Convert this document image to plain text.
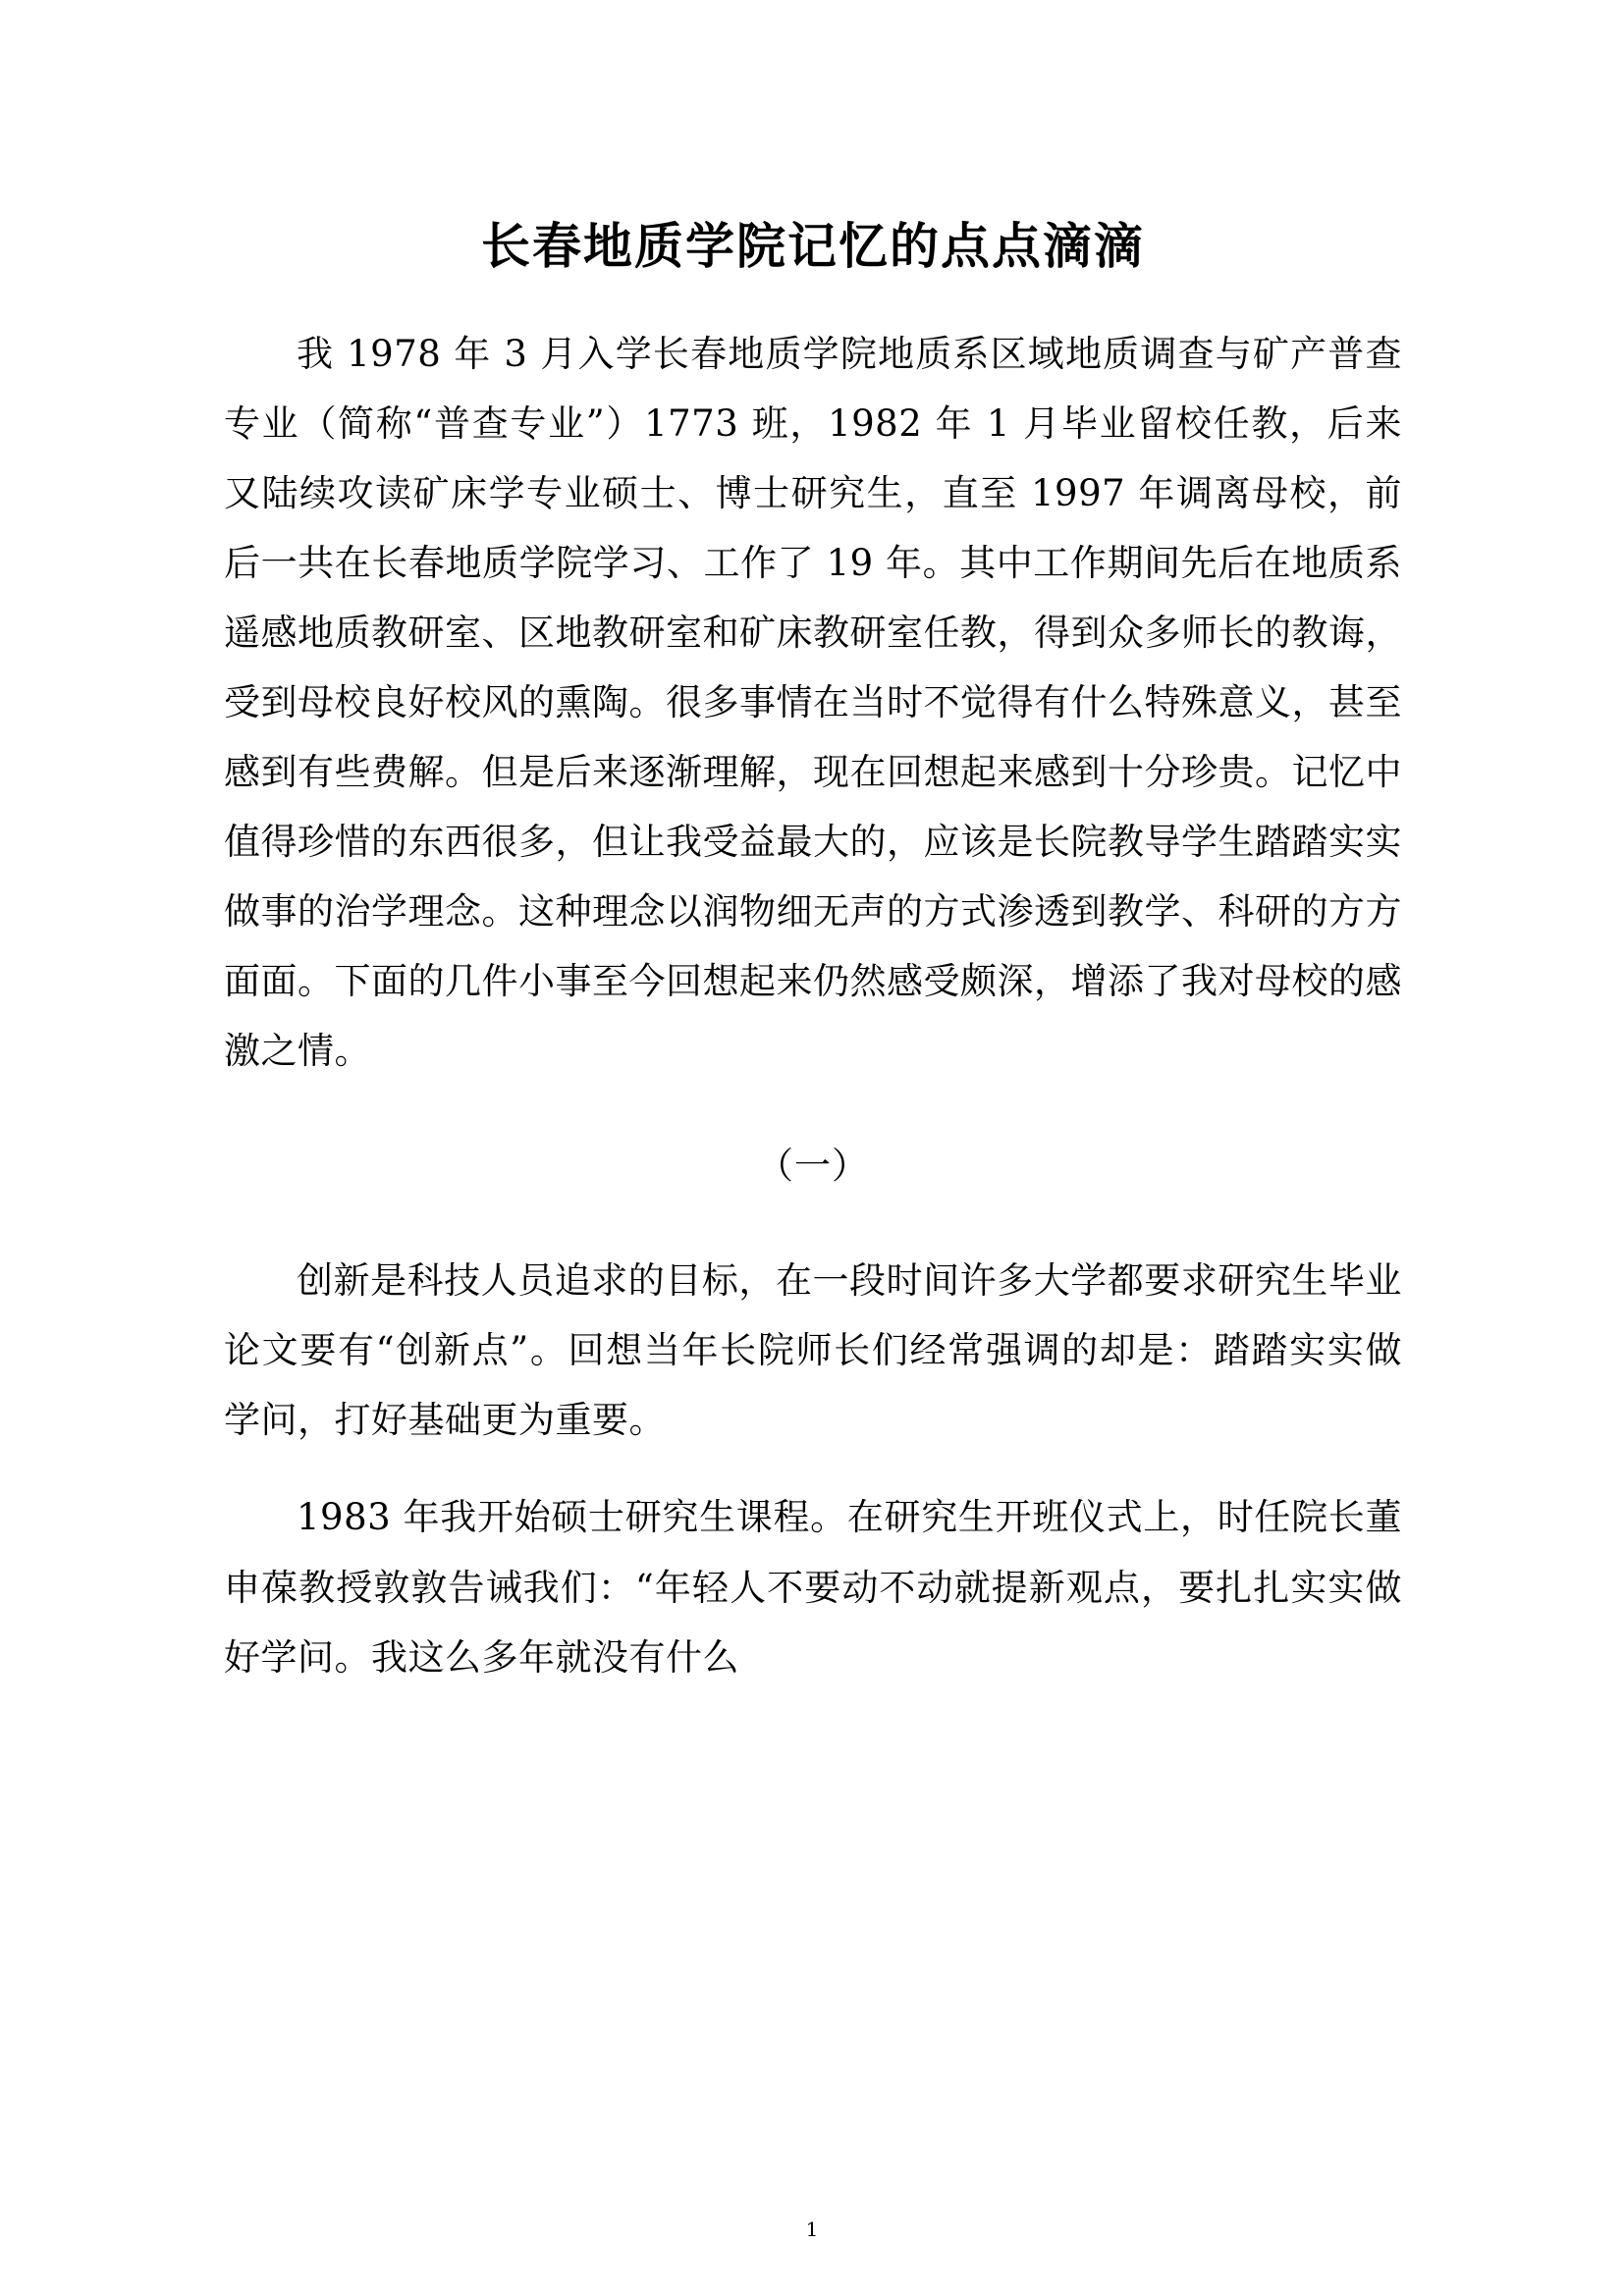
长春地质学院记忆的点点滴滴

我 1978 年 3 月入学长春地质学院地质系区域地质调查与矿产普查专业（简称“普查专业”）1773 班，1982 年 1 月毕业留校任教，后来又陆续攻读矿床学专业硕士、博士研究生，直至 1997 年调离母校，前后一共在长春地质学院学习、工作了 19 年。其中工作期间先后在地质系遥感地质教研室、区地教研室和矿床教研室任教，得到众多师长的教诲，受到母校良好校风的熏陶。很多事情在当时不觉得有什么特殊意义，甚至感到有些费解。但是后来逐渐理解，现在回想起来感到十分珍贵。记忆中值得珍惜的东西很多，但让我受益最大的，应该是长院教导学生踏踏实实做事的治学理念。这种理念以润物细无声的方式渗透到教学、科研的方方面面。下面的几件小事至今回想起来仍然感受颇深，增添了我对母校的感激之情。

（一）

创新是科技人员追求的目标，在一段时间许多大学都要求研究生毕业论文要有“创新点”。回想当年长院师长们经常强调的却是：踏踏实实做学问，打好基础更为重要。

1983 年我开始硕士研究生课程。在研究生开班仪式上，时任院长董申葆教授敦敦告诫我们：“年轻人不要动不动就提新观点，要扎扎实实做好学问。我这么多年就没有什么

1
